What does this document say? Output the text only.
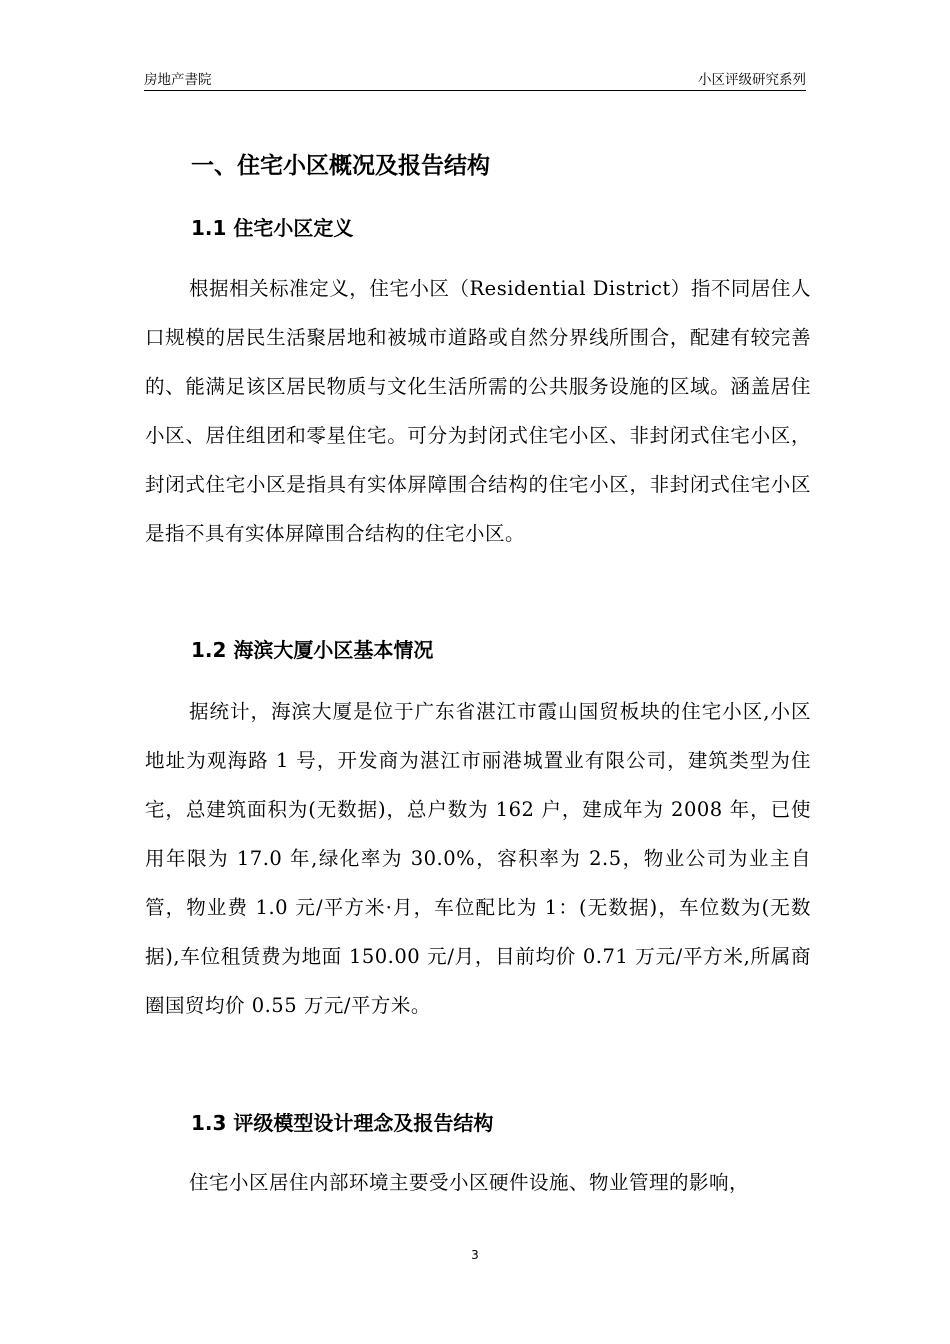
房地产書院	小区评级研究系列
一、住宅小区概况及报告结构
1.1 住宅小区定义

根据相关标准定义，住宅小区（Residential District）指不同居住人口规模的居民生活聚居地和被城市道路或自然分界线所围合，配建有较完善的、能满足该区居民物质与文化生活所需的公共服务设施的区域。涵盖居住小区、居住组团和零星住宅。可分为封闭式住宅小区、非封闭式住宅小区，封闭式住宅小区是指具有实体屏障围合结构的住宅小区，非封闭式住宅小区是指不具有实体屏障围合结构的住宅小区。

1.2 海滨大厦小区基本情况

据统计，海滨大厦是位于广东省湛江市霞山国贸板块的住宅小区,小区地址为观海路 1 号，开发商为湛江市丽港城置业有限公司，建筑类型为住宅，总建筑面积为(无数据)，总户数为 162 户，建成年为 2008 年，已使用年限为 17.0 年,绿化率为 30.0%，容积率为 2.5，物业公司为业主自管，物业费 1.0 元/平方米·月，车位配比为 1：(无数据)，车位数为(无数据),车位租赁费为地面 150.00 元/月，目前均价 0.71 万元/平方米,所属商圈国贸均价 0.55 万元/平方米。

1.3 评级模型设计理念及报告结构

住宅小区居住内部环境主要受小区硬件设施、物业管理的影响，

3
